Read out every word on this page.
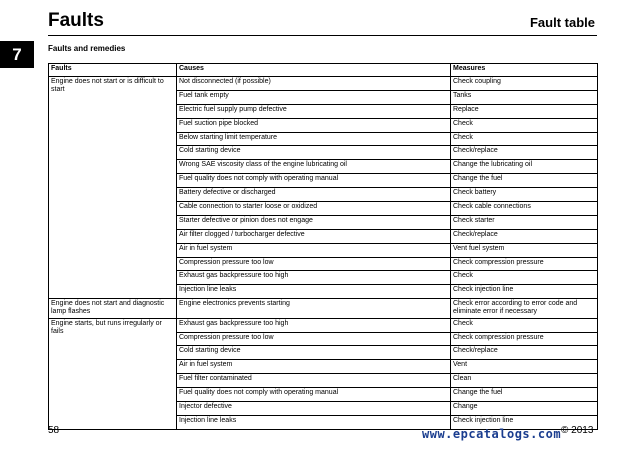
Faults	Fault table
7	Faults and remedies
Faults	Causes	Measures
Engine does not start or is difficult to start	Not disconnected (if possible)	Check coupling
	Fuel tank empty	Tanks
	Electric fuel supply pump defective	Replace
	Fuel suction pipe blocked	Check
	Below starting limit temperature	Check
	Cold starting device	Check/replace
	Wrong SAE viscosity class of the engine lubricating oil	Change the lubricating oil
	Fuel quality does not comply with operating manual	Change the fuel
	Battery defective or discharged	Check battery
	Cable connection to starter loose or oxidized	Check cable connections
	Starter defective or pinion does not engage	Check starter
	Air filter clogged / turbocharger defective	Check/replace
	Air in fuel system	Vent fuel system
	Compression pressure too low	Check compression pressure
	Exhaust gas backpressure too high	Check
	Injection line leaks	Check injection line
Engine does not start and diagnostic lamp flashes	Engine electronics prevents starting	Check error according to error code and eliminate error if necessary
Engine starts, but runs irregularly or fails	Exhaust gas backpressure too high	Check
	Compression pressure too low	Check compression pressure
	Cold starting device	Check/replace
	Air in fuel system	Vent
	Fuel filter contaminated	Clean
	Fuel quality does not comply with operating manual	Change the fuel
	Injector defective	Change
	Injection line leaks	Check injection line
58	www.epcatalogs.com © 2013
